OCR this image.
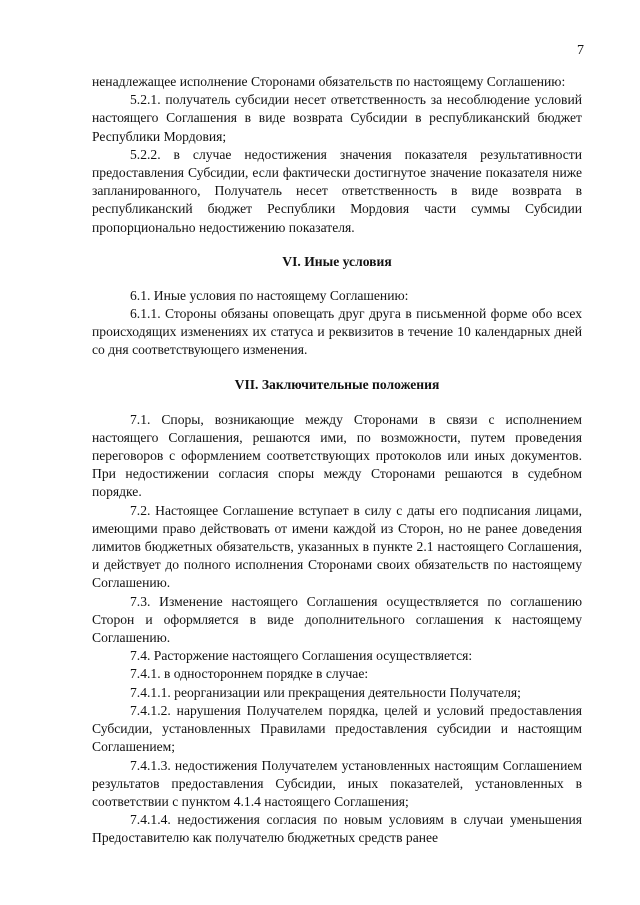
7

ненадлежащее исполнение Сторонами обязательств по настоящему Соглашению:

5.2.1. получатель субсидии несет ответственность за несоблюдение условий настоящего Соглашения в виде возврата Субсидии в республиканский бюджет Республики Мордовия;

5.2.2. в случае недостижения значения показателя результативности предоставления Субсидии, если фактически достигнутое значение показателя ниже запланированного, Получатель несет ответственность в виде возврата в республиканский бюджет Республики Мордовия части суммы Субсидии пропорционально недостижению показателя.

VI. Иные условия

6.1. Иные условия по настоящему Соглашению:

6.1.1. Стороны обязаны оповещать друг друга в письменной форме обо всех происходящих изменениях их статуса и реквизитов в течение 10 календарных дней со дня соответствующего изменения.

VII. Заключительные положения

7.1. Споры, возникающие между Сторонами в связи с исполнением настоящего Соглашения, решаются ими, по возможности, путем проведения переговоров с оформлением соответствующих протоколов или иных документов. При недостижении согласия споры между Сторонами решаются в судебном порядке.

7.2. Настоящее Соглашение вступает в силу с даты его подписания лицами, имеющими право действовать от имени каждой из Сторон, но не ранее доведения лимитов бюджетных обязательств, указанных в пункте 2.1 настоящего Соглашения, и действует до полного исполнения Сторонами своих обязательств по настоящему Соглашению.

7.3. Изменение настоящего Соглашения осуществляется по соглашению Сторон и оформляется в виде дополнительного соглашения к настоящему Соглашению.

7.4. Расторжение настоящего Соглашения осуществляется:

7.4.1. в одностороннем порядке в случае:

7.4.1.1. реорганизации или прекращения деятельности Получателя;

7.4.1.2. нарушения Получателем порядка, целей и условий предоставления Субсидии, установленных Правилами предоставления субсидии и настоящим Соглашением;

7.4.1.3. недостижения Получателем установленных настоящим Соглашением результатов предоставления Субсидии, иных показателей, установленных в соответствии с пунктом 4.1.4 настоящего Соглашения;

7.4.1.4. недостижения согласия по новым условиям в случаи уменьшения Предоставителю как получателю бюджетных средств ранее
